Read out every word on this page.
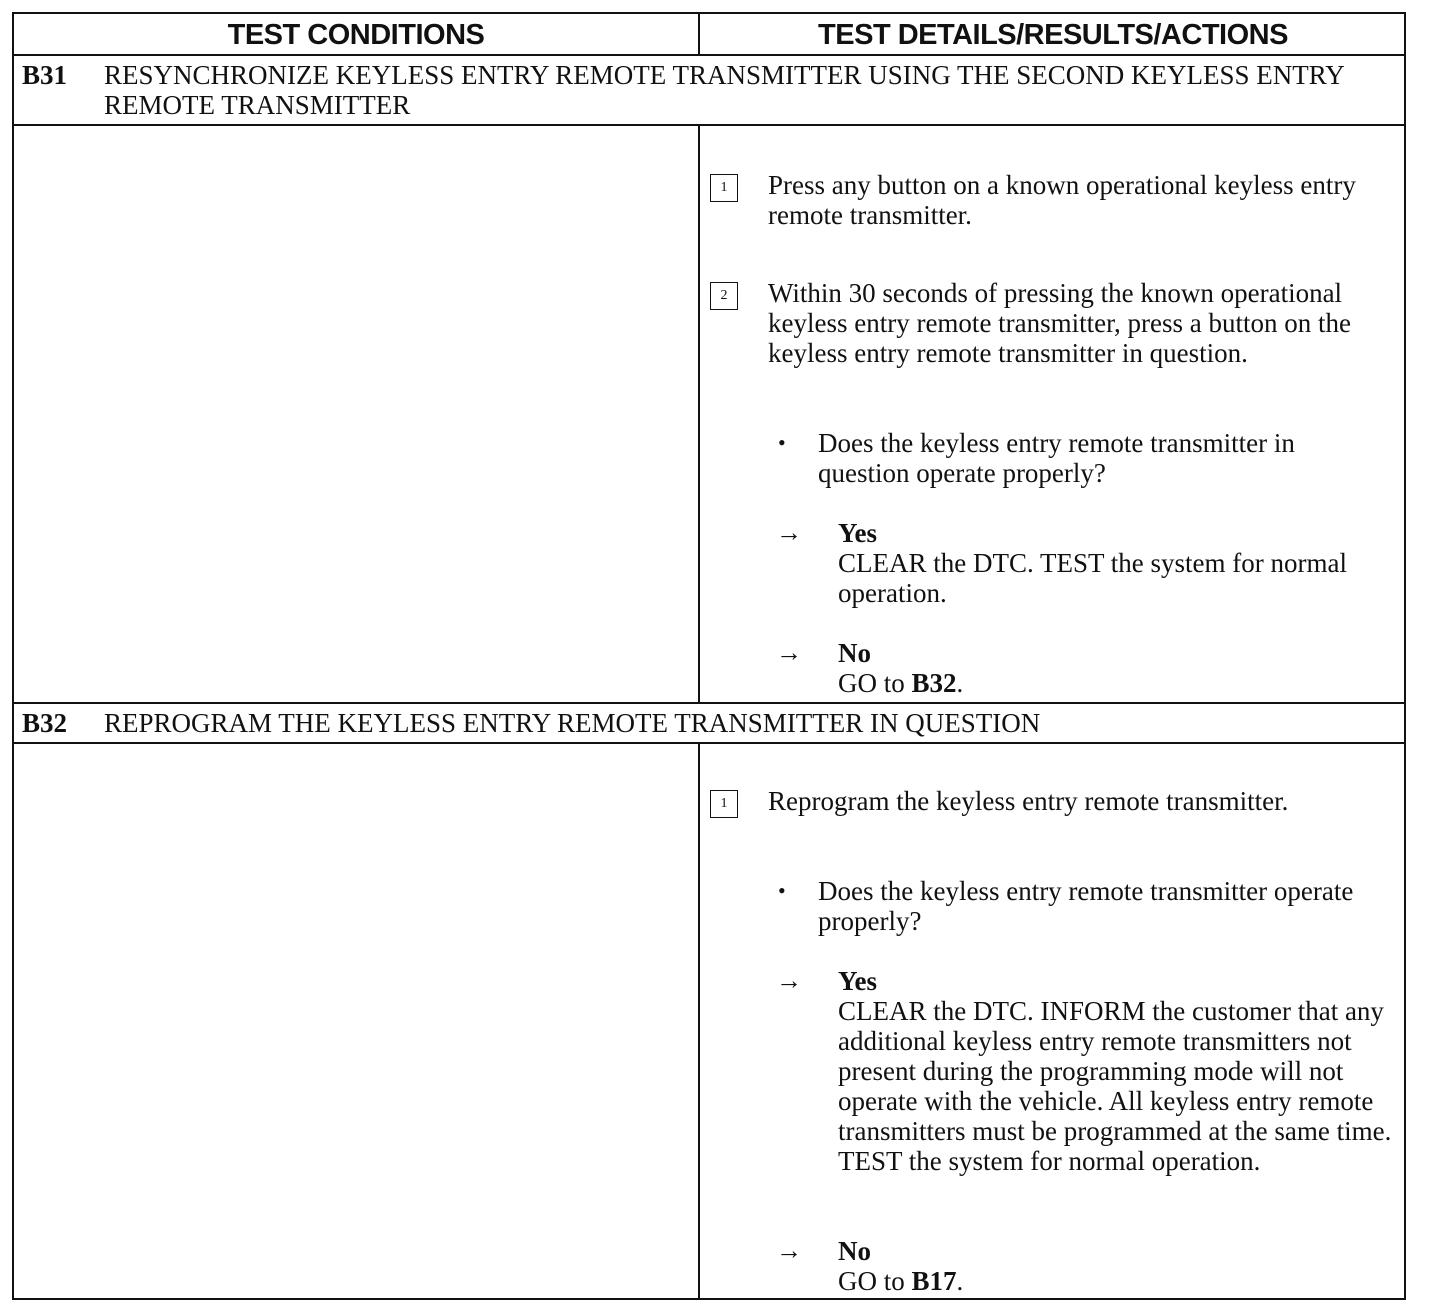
TEST CONDITIONS	TEST DETAILS/RESULTS/ACTIONS
B31 RESYNCHRONIZE KEYLESS ENTRY REMOTE TRANSMITTER USING THE SECOND KEYLESS ENTRY REMOTE TRANSMITTER
1	Press any button on a known operational keyless entry remote transmitter.
2	Within 30 seconds of pressing the known operational keyless entry remote transmitter, press a button on the keyless entry remote transmitter in question.
• Does the keyless entry remote transmitter in question operate properly?
→ Yes
CLEAR the DTC. TEST the system for normal operation.
→ No
GO to B32.
B32 REPROGRAM THE KEYLESS ENTRY REMOTE TRANSMITTER IN QUESTION
1	Reprogram the keyless entry remote transmitter.
• Does the keyless entry remote transmitter operate properly?
→ Yes
CLEAR the DTC. INFORM the customer that any additional keyless entry remote transmitters not present during the programming mode will not operate with the vehicle. All keyless entry remote transmitters must be programmed at the same time. TEST the system for normal operation.
→ No
GO to B17.
